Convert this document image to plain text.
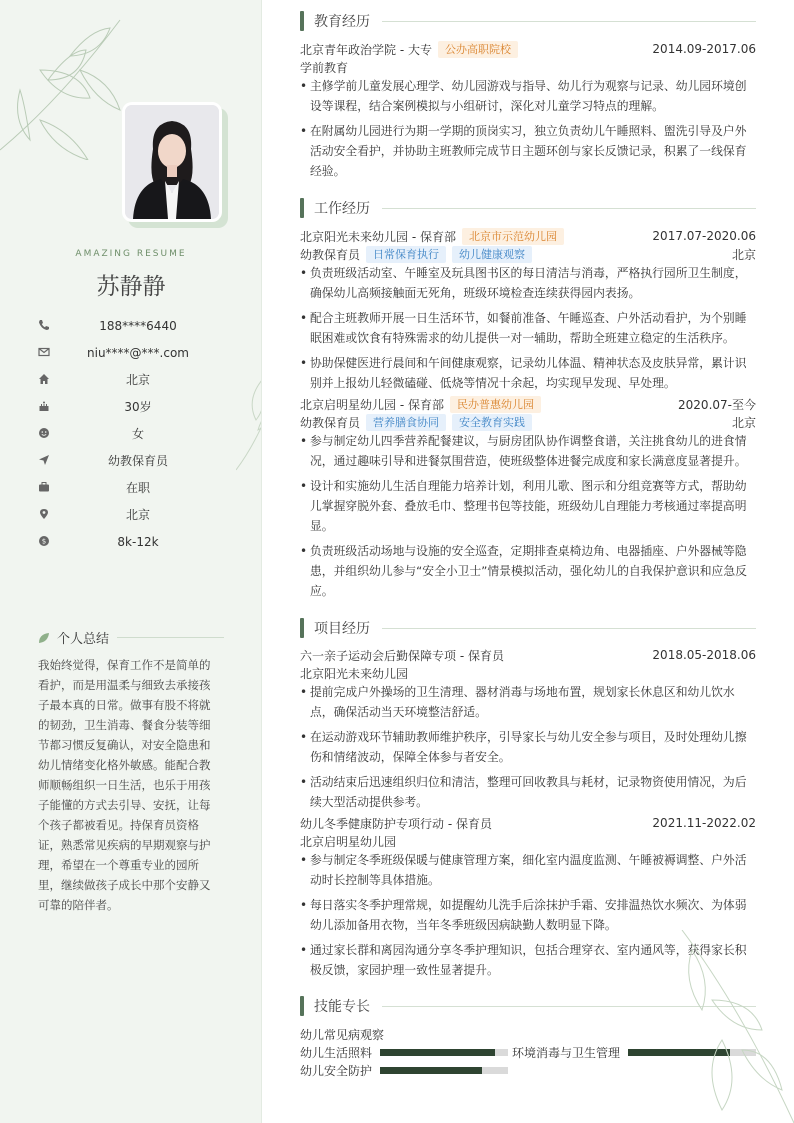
AMAZING RESUME
苏静静
188****6440
niu****@***.com
北京
30岁
女
幼教保育员
在职
北京
$	8k-12k
个人总结
我始终觉得，保育工作不是简单的看护，而是用温柔与细致去承接孩子最本真的日常。做事有股不将就的韧劲，卫生消毒、餐食分装等细节都习惯反复确认，对安全隐患和幼儿情绪变化格外敏感。能配合教师顺畅组织一日生活，也乐于用孩子能懂的方式去引导、安抚，让每个孩子都被看见。持保育员资格证，熟悉常见疾病的早期观察与护理，希望在一个尊重专业的园所里，继续做孩子成长中那个安静又可靠的陪伴者。
教育经历
北京青年政治学院 - 大专	公办高职院校	2014.09-2017.06
学前教育
• 主修学前儿童发展心理学、幼儿园游戏与指导、幼儿行为观察与记录、幼儿园环境创设等课程，结合案例模拟与小组研讨，深化对儿童学习特点的理解。
• 在附属幼儿园进行为期一学期的顶岗实习，独立负责幼儿午睡照料、盥洗引导及户外活动安全看护，并协助主班教师完成节日主题环创与家长反馈记录，积累了一线保育经验。
工作经历
北京阳光未来幼儿园 - 保育部	北京市示范幼儿园	2017.07-2020.06
幼教保育员	日常保育执行	幼儿健康观察	北京
• 负责班级活动室、午睡室及玩具图书区的每日清洁与消毒，严格执行园所卫生制度，确保幼儿高频接触面无死角，班级环境检查连续获得园内表扬。
• 配合主班教师开展一日生活环节，如餐前准备、午睡巡查、户外活动看护，为个别睡眠困难或饮食有特殊需求的幼儿提供一对一辅助，帮助全班建立稳定的生活秩序。
• 协助保健医进行晨间和午间健康观察，记录幼儿体温、精神状态及皮肤异常，累计识别并上报幼儿轻微磕碰、低烧等情况十余起，均实现早发现、早处理。
北京启明星幼儿园 - 保育部	民办普惠幼儿园	2020.07-至今
幼教保育员	营养膳食协同	安全教育实践	北京
• 参与制定幼儿四季营养配餐建议，与厨房团队协作调整食谱，关注挑食幼儿的进食情况，通过趣味引导和进餐氛围营造，使班级整体进餐完成度和家长满意度显著提升。
• 设计和实施幼儿生活自理能力培养计划，利用儿歌、图示和分组竞赛等方式，帮助幼儿掌握穿脱外套、叠放毛巾、整理书包等技能，班级幼儿自理能力考核通过率提高明显。
• 负责班级活动场地与设施的安全巡查，定期排查桌椅边角、电器插座、户外器械等隐患，并组织幼儿参与“安全小卫士”情景模拟活动，强化幼儿的自我保护意识和应急反应。
项目经历
六一亲子运动会后勤保障专项 - 保育员	2018.05-2018.06
北京阳光未来幼儿园
• 提前完成户外操场的卫生清理、器材消毒与场地布置，规划家长休息区和幼儿饮水点，确保活动当天环境整洁舒适。
• 在运动游戏环节辅助教师维护秩序，引导家长与幼儿安全参与项目，及时处理幼儿擦伤和情绪波动，保障全体参与者安全。
• 活动结束后迅速组织归位和清洁，整理可回收教具与耗材，记录物资使用情况，为后续大型活动提供参考。
幼儿冬季健康防护专项行动 - 保育员	2021.11-2022.02
北京启明星幼儿园
• 参与制定冬季班级保暖与健康管理方案，细化室内温度监测、午睡被褥调整、户外活动时长控制等具体措施。
• 每日落实冬季护理常规，如提醒幼儿洗手后涂抹护手霜、安排温热饮水频次、为体弱幼儿添加备用衣物，当年冬季班级因病缺勤人数明显下降。
• 通过家长群和离园沟通分享冬季护理知识，包括合理穿衣、室内通风等，获得家长积极反馈，家园护理一致性显著提升。
技能专长
幼儿常见病观察
幼儿生活照料	环境消毒与卫生管理
幼儿安全防护
